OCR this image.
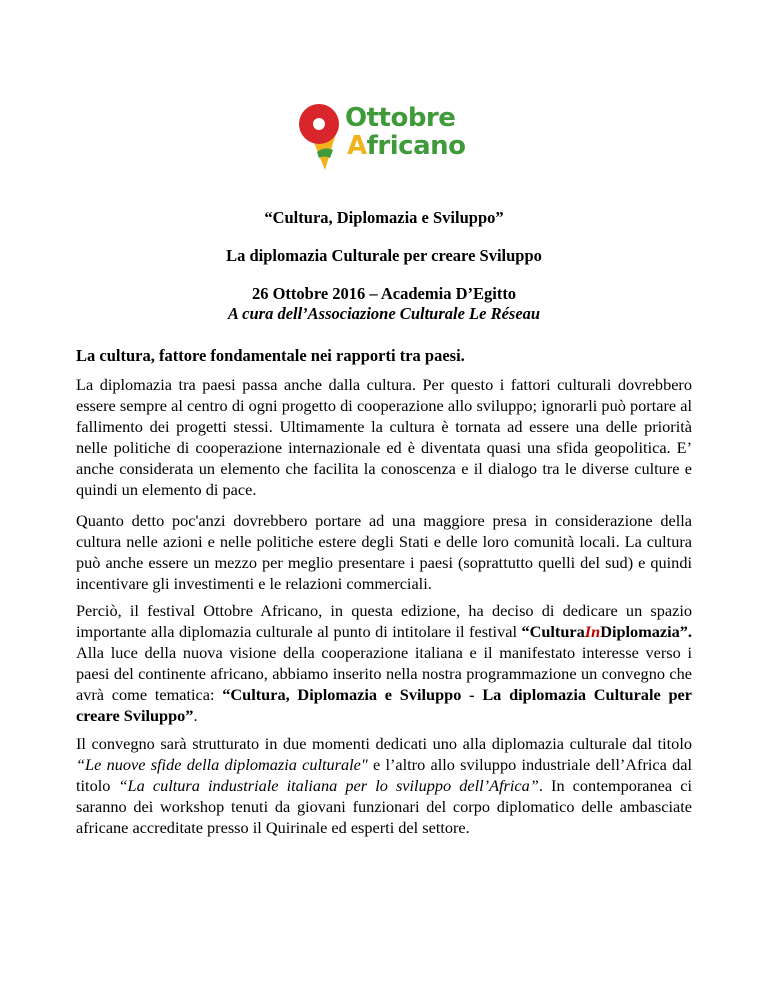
Ottobre
Africano
“Cultura, Diplomazia e Sviluppo”
La diplomazia Culturale per creare Sviluppo
26 Ottobre 2016 – Academia D’Egitto
A cura dell’Associazione Culturale Le Réseau
La cultura, fattore fondamentale nei rapporti tra paesi.
La diplomazia tra paesi passa anche dalla cultura. Per questo i fattori culturali dovrebbero essere sempre al centro di ogni progetto di cooperazione allo sviluppo; ignorarli può portare al fallimento dei progetti stessi. Ultimamente la cultura è tornata ad essere una delle priorità nelle politiche di cooperazione internazionale ed è diventata quasi una sfida geopolitica. E’ anche considerata un elemento che facilita la conoscenza e il dialogo tra le diverse culture e quindi un elemento di pace.
Quanto detto poc'anzi dovrebbero portare ad una maggiore presa in considerazione della cultura nelle azioni e nelle politiche estere degli Stati e delle loro comunità locali. La cultura può anche essere un mezzo per meglio presentare i paesi (soprattutto quelli del sud) e quindi incentivare gli investimenti e le relazioni commerciali.
Perciò, il festival Ottobre Africano, in questa edizione, ha deciso di dedicare un spazio importante alla diplomazia culturale al punto di intitolare il festival “CulturaInDiplomazia”. Alla luce della nuova visione della cooperazione italiana e il manifestato interesse verso i paesi del continente africano, abbiamo inserito nella nostra programmazione un convegno che avrà come tematica: “Cultura, Diplomazia e Sviluppo - La diplomazia Culturale per creare Sviluppo”.
Il convegno sarà strutturato in due momenti dedicati uno alla diplomazia culturale dal titolo “Le nuove sfide della diplomazia culturale" e l’altro allo sviluppo industriale dell’Africa dal titolo “La cultura industriale italiana per lo sviluppo dell’Africa”. In contemporanea ci saranno dei workshop tenuti da giovani funzionari del corpo diplomatico delle ambasciate africane accreditate presso il Quirinale ed esperti del settore.
